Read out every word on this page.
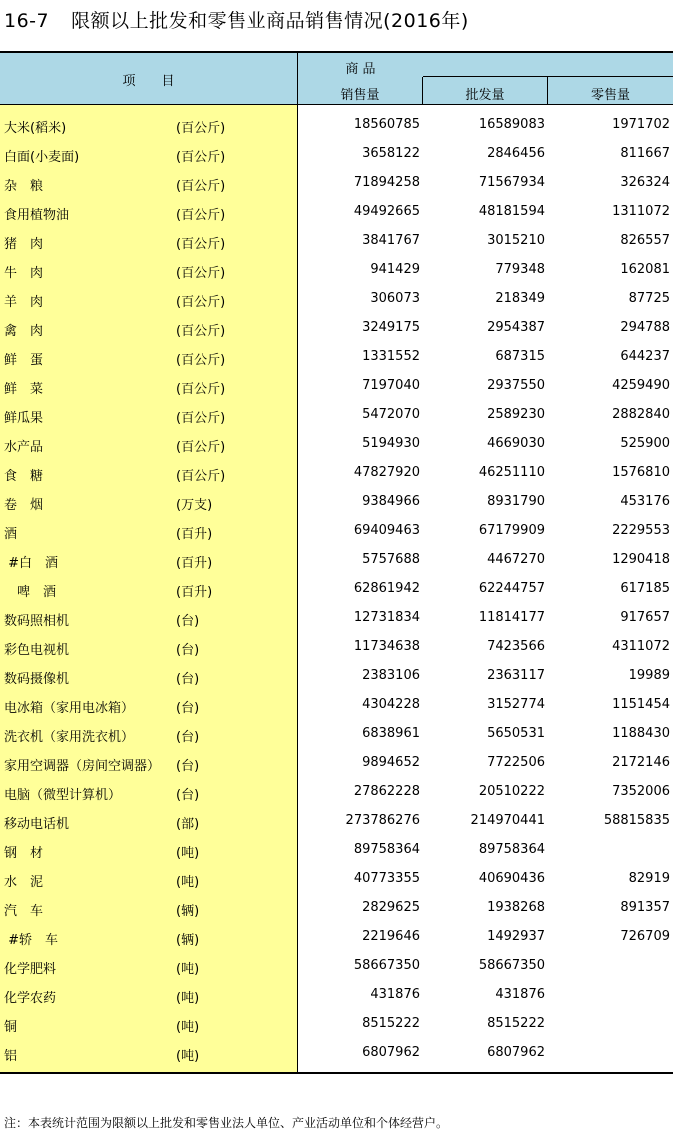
16-7 限额以上批发和零售业商品销售情况(2016年)
项　　目
商 品
销售量	批发量	零售量
大米(稻米)	(百公斤)	18560785	16589083	1971702
白面(小麦面)	(百公斤)	3658122	2846456	811667
杂　粮	(百公斤)	71894258	71567934	326324
食用植物油	(百公斤)	49492665	48181594	1311072
猪　肉	(百公斤)	3841767	3015210	826557
牛　肉	(百公斤)	941429	779348	162081
羊　肉	(百公斤)	306073	218349	87725
禽　肉	(百公斤)	3249175	2954387	294788
鲜　蛋	(百公斤)	1331552	687315	644237
鲜　菜	(百公斤)	7197040	2937550	4259490
鲜瓜果	(百公斤)	5472070	2589230	2882840
水产品	(百公斤)	5194930	4669030	525900
食　糖	(百公斤)	47827920	46251110	1576810
卷　烟	(万支)	9384966	8931790	453176
酒	(百升)	69409463	67179909	2229553
#白　酒	(百升)	5757688	4467270	1290418
　啤　酒	(百升)	62861942	62244757	617185
数码照相机	(台)	12731834	11814177	917657
彩色电视机	(台)	11734638	7423566	4311072
数码摄像机	(台)	2383106	2363117	19989
电冰箱（家用电冰箱）	(台)	4304228	3152774	1151454
洗衣机（家用洗衣机）	(台)	6838961	5650531	1188430
家用空调器（房间空调器） (台)	9894652	7722506	2172146
电脑（微型计算机）	(台)	27862228	20510222	7352006
移动电话机	(部)	273786276	214970441	58815835
钢　材	(吨)	89758364	89758364
水　泥	(吨)	40773355	40690436	82919
汽　车	(辆)	2829625	1938268	891357
#轿　车	(辆)	2219646	1492937	726709
化学肥料	(吨)	58667350	58667350
化学农药	(吨)	431876	431876
铜	(吨)	8515222	8515222
铝	(吨)	6807962	6807962
注：本表统计范围为限额以上批发和零售业法人单位、产业活动单位和个体经营户。
